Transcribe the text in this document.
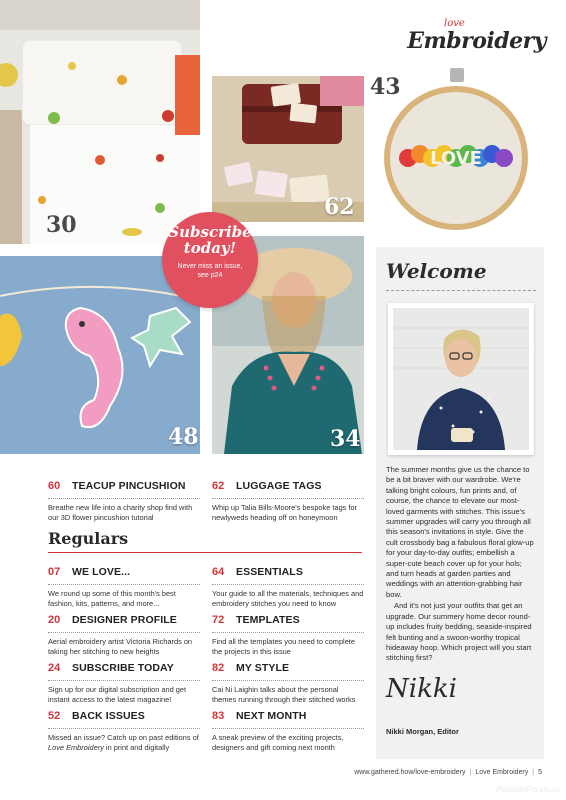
30
62
LOVE
43
48	34
love
Embroidery
Subscribe
today!
Never miss an issue, see p24
60	TEACUP PINCUSHION
Breathe new life into a charity shop find with our 3D flower pincushion tutorial
62	LUGGAGE TAGS
Whip up Talia Bills-Moore's bespoke tags for newlyweds heading off on honeymoon
Regulars
07	WE LOVE...
We round up some of this month's best fashion, kits, patterns, and more...
64	ESSENTIALS
Your guide to all the materials, techniques and embroidery stitches you need to know
20	DESIGNER PROFILE
Aerial embroidery artist Victoria Richards on taking her stitching to new heights
72	TEMPLATES
Find all the templates you need to complete the projects in this issue
24	SUBSCRIBE TODAY
Sign up for our digital subscription and get instant access to the latest magazine!
82	MY STYLE
Cai Ni Laighin talks about the personal themes running through their stitched works
52	BACK ISSUES
Missed an issue? Catch up on past editions of Love Embroidery in print and digitally
83	NEXT MONTH
A sneak preview of the exciting projects, designers and gift coming next month
Welcome

The summer months give us the chance to be a bit braver with our wardrobe. We're talking bright colours, fun prints and, of course, the chance to elevate our most-loved garments with stitches. This issue's summer upgrades will carry you through all this season's invitations in style. Give the cult crossbody bag a fabulous floral glow-up for your day-to-day outfits; embellish a super-cute beach cover up for your hols; and turn heads at garden parties and weddings with an attention-grabbing hair bow.

And it's not just your outfits that get an upgrade. Our summery home decor round-up includes fruity bedding, seaside-inspired felt bunting and a swoon-worthy tropical hideaway hoop. Which project will you start stitching first?

Nikki
Nikki Morgan, Editor
www.gathered.how/love-embroidery | Love Embroidery | 5
PassionForum.ru
